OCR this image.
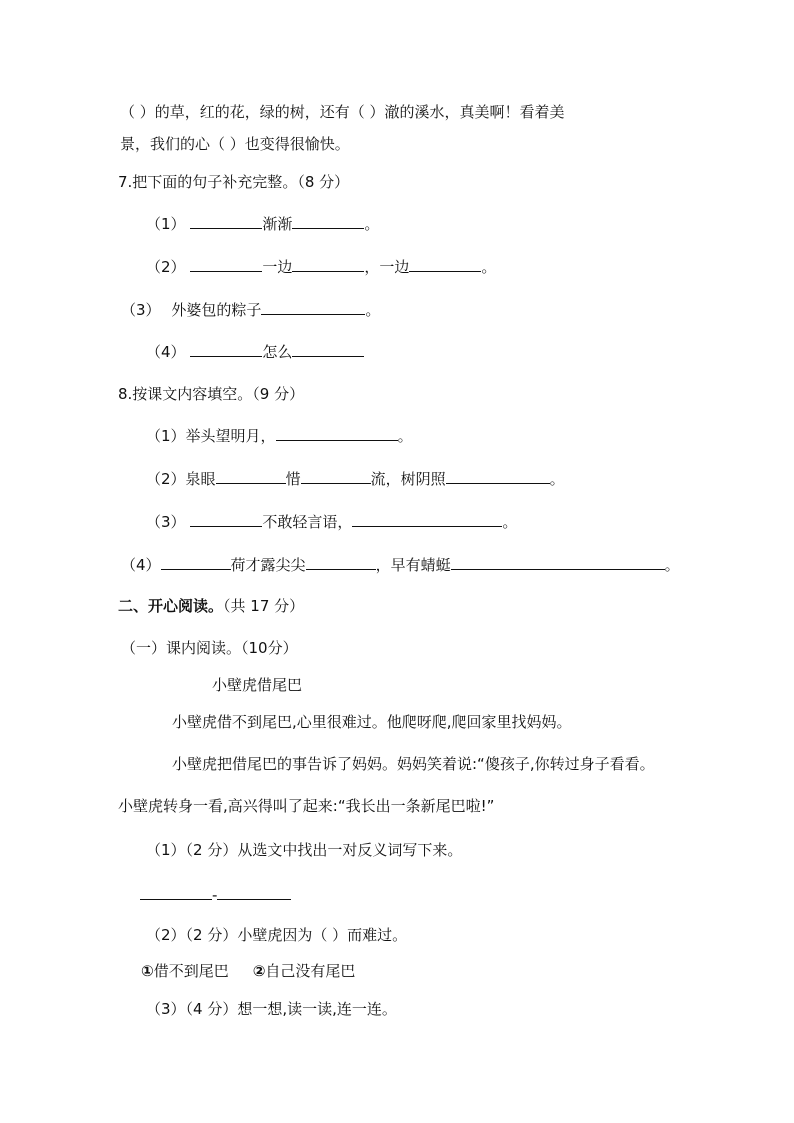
（ ）的草，红的花，绿的树，还有（ ）澈的溪水，真美啊！看着美
景，我们的心（ ）也变得很愉快。
7.把下面的句子补充完整。（8 分）
（1）	渐渐	。
（2）	一边	，一边	。
（3） 外婆包的粽子	。
（4）	怎么
8.按课文内容填空。（9 分）
（1）举头望明月，	。
（2）泉眼	惜	流，树阴照	。
（3）	不敢轻言语，	。
（4）	荷才露尖尖	，早有蜻蜓	。
二、开心阅读。（共 17 分）
（一）课内阅读。（10分）
小壁虎借尾巴
小壁虎借不到尾巴,心里很难过。他爬呀爬,爬回家里找妈妈。
小壁虎把借尾巴的事告诉了妈妈。妈妈笑着说:“傻孩子,你转过身子看看。
小壁虎转身一看,高兴得叫了起来:“我长出一条新尾巴啦!”
（1）（2 分）从选文中找出一对反义词写下来。
-
（2）（2 分）小壁虎因为（ ）而难过。
①借不到尾巴 ②自己没有尾巴
（3）（4 分）想一想,读一读,连一连。
